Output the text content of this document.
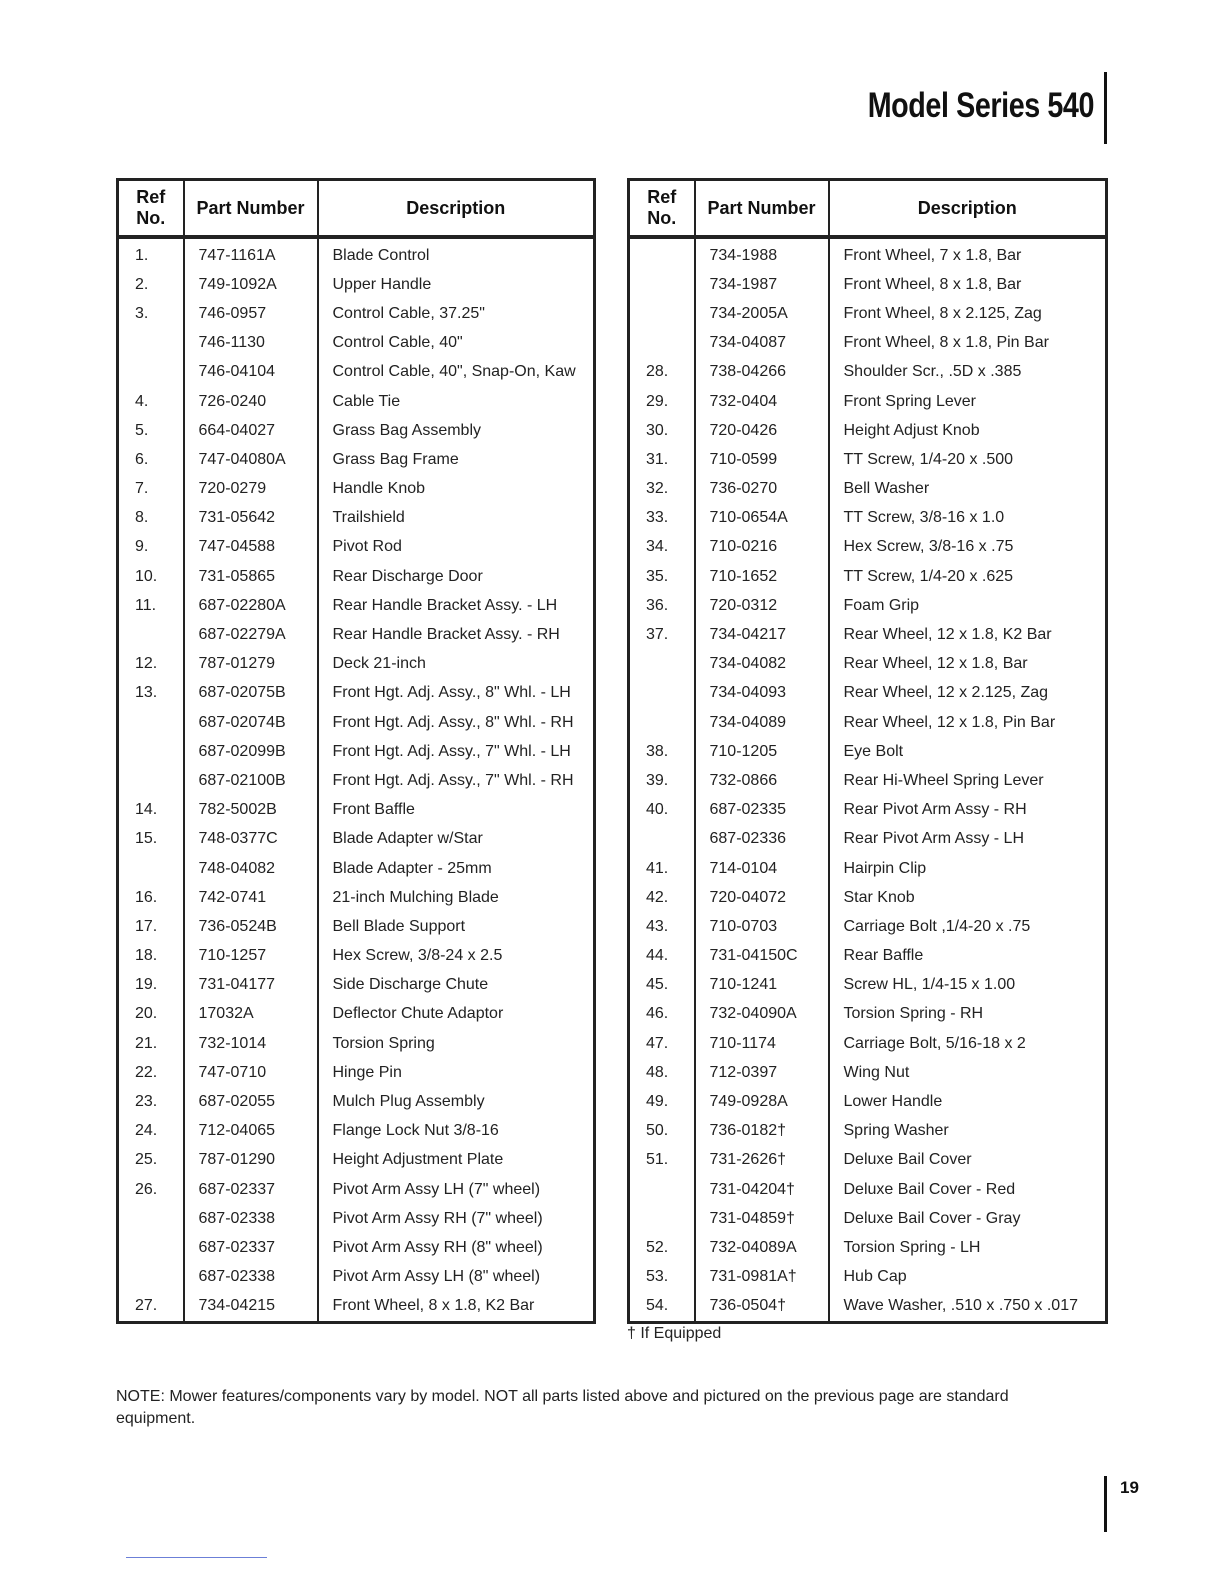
Model Series 540
Ref
No.	Part Number	Description
1.	747-1161A	Blade Control
2.	749-1092A	Upper Handle
3.	746-0957	Control Cable, 37.25"
	746-1130	Control Cable, 40"
	746-04104	Control Cable, 40", Snap-On, Kaw
4.	726-0240	Cable Tie
5.	664-04027	Grass Bag Assembly
6.	747-04080A	Grass Bag Frame
7.	720-0279	Handle Knob
8.	731-05642	Trailshield
9.	747-04588	Pivot Rod
10.	731-05865	Rear Discharge Door
11.	687-02280A	Rear Handle Bracket Assy. - LH
	687-02279A	Rear Handle Bracket Assy. - RH
12.	787-01279	Deck 21-inch
13.	687-02075B	Front Hgt. Adj. Assy., 8" Whl. - LH
	687-02074B	Front Hgt. Adj. Assy., 8" Whl. - RH
	687-02099B	Front Hgt. Adj. Assy., 7" Whl. - LH
	687-02100B	Front Hgt. Adj. Assy., 7" Whl. - RH
14.	782-5002B	Front Baffle
15.	748-0377C	Blade Adapter w/Star
	748-04082	Blade Adapter - 25mm
16.	742-0741	21-inch Mulching Blade
17.	736-0524B	Bell Blade Support
18.	710-1257	Hex Screw, 3/8-24 x 2.5
19.	731-04177	Side Discharge Chute
20.	17032A	Deflector Chute Adaptor
21.	732-1014	Torsion Spring
22.	747-0710	Hinge Pin
23.	687-02055	Mulch Plug Assembly
24.	712-04065	Flange Lock Nut 3/8-16
25.	787-01290	Height Adjustment Plate
26.	687-02337	Pivot Arm Assy LH (7" wheel)
	687-02338	Pivot Arm Assy RH (7" wheel)
	687-02337	Pivot Arm Assy RH (8" wheel)
	687-02338	Pivot Arm Assy LH (8" wheel)
27.	734-04215	Front Wheel, 8 x 1.8, K2 Bar
Ref
No.	Part Number	Description
	734-1988	Front Wheel, 7 x 1.8, Bar
	734-1987	Front Wheel, 8 x 1.8, Bar
	734-2005A	Front Wheel, 8 x 2.125, Zag
	734-04087	Front Wheel, 8 x 1.8, Pin Bar
28.	738-04266	Shoulder Scr., .5D x .385
29.	732-0404	Front Spring Lever
30.	720-0426	Height Adjust Knob
31.	710-0599	TT Screw, 1/4-20 x .500
32.	736-0270	Bell Washer
33.	710-0654A	TT Screw, 3/8-16 x 1.0
34.	710-0216	Hex Screw, 3/8-16 x .75
35.	710-1652	TT Screw, 1/4-20 x .625
36.	720-0312	Foam Grip
37.	734-04217	Rear Wheel, 12 x 1.8, K2 Bar
	734-04082	Rear Wheel, 12 x 1.8, Bar
	734-04093	Rear Wheel, 12 x 2.125, Zag
	734-04089	Rear Wheel, 12 x 1.8, Pin Bar
38.	710-1205	Eye Bolt
39.	732-0866	Rear Hi-Wheel Spring Lever
40.	687-02335	Rear Pivot Arm Assy - RH
	687-02336	Rear Pivot Arm Assy - LH
41.	714-0104	Hairpin Clip
42.	720-04072	Star Knob
43.	710-0703	Carriage Bolt ,1/4-20 x .75
44.	731-04150C	Rear Baffle
45.	710-1241	Screw HL, 1/4-15 x 1.00
46.	732-04090A	Torsion Spring - RH
47.	710-1174	Carriage Bolt, 5/16-18 x 2
48.	712-0397	Wing Nut
49.	749-0928A	Lower Handle
50.	736-0182†	Spring Washer
51.	731-2626†	Deluxe Bail Cover
	731-04204†	Deluxe Bail Cover - Red
	731-04859†	Deluxe Bail Cover - Gray
52.	732-04089A	Torsion Spring - LH
53.	731-0981A†	Hub Cap
54.	736-0504†	Wave Washer, .510 x .750 x .017
† If Equipped
NOTE: Mower features/components vary by model. NOT all parts listed above and pictured on the previous page are standard equipment.
19
